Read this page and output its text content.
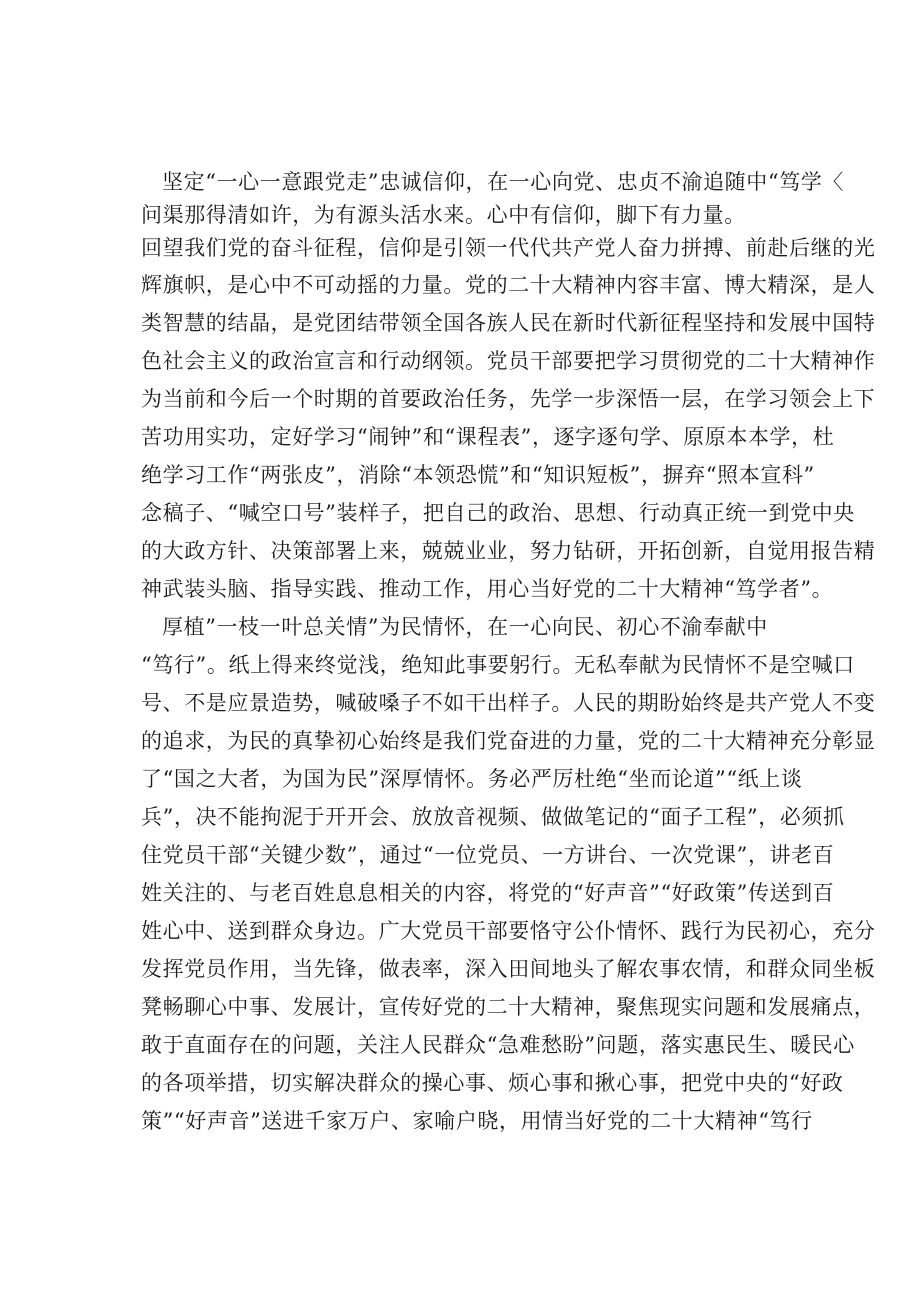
坚定“一心一意跟党走”忠诚信仰，在一心向党、忠贞不渝追随中“笃学〈
问渠那得清如许，为有源头活水来。心中有信仰，脚下有力量。
回望我们党的奋斗征程，信仰是引领一代代共产党人奋力拼搏、前赴后继的光
辉旗帜，是心中不可动摇的力量。党的二十大精神内容丰富、博大精深，是人
类智慧的结晶，是党团结带领全国各族人民在新时代新征程坚持和发展中国特
色社会主义的政治宣言和行动纲领。党员干部要把学习贯彻党的二十大精神作
为当前和今后一个时期的首要政治任务，先学一步深悟一层，在学习领会上下
苦功用实功，定好学习“闹钟”和“课程表”，逐字逐句学、原原本本学，杜
绝学习工作“两张皮”，消除“本领恐慌”和“知识短板”，摒弃“照本宣科”
念稿子、“喊空口号”装样子，把自己的政治、思想、行动真正统一到党中央
的大政方针、决策部署上来，兢兢业业，努力钻研，开拓创新，自觉用报告精
神武装头脑、指导实践、推动工作，用心当好党的二十大精神“笃学者”。
厚植”一枝一叶总关情”为民情怀，在一心向民、初心不渝奉献中
“笃行”。纸上得来终觉浅，绝知此事要躬行。无私奉献为民情怀不是空喊口
号、不是应景造势，喊破嗓子不如干出样子。人民的期盼始终是共产党人不变
的追求，为民的真挚初心始终是我们党奋进的力量，党的二十大精神充分彰显
了“国之大者，为国为民”深厚情怀。务必严厉杜绝“坐而论道”“纸上谈
兵”，决不能拘泥于开开会、放放音视频、做做笔记的“面子工程”，必须抓
住党员干部“关键少数”，通过“一位党员、一方讲台、一次党课”，讲老百
姓关注的、与老百姓息息相关的内容，将党的“好声音”“好政策”传送到百
姓心中、送到群众身边。广大党员干部要恪守公仆情怀、践行为民初心，充分
发挥党员作用，当先锋，做表率，深入田间地头了解农事农情，和群众同坐板
凳畅聊心中事、发展计，宣传好党的二十大精神，聚焦现实问题和发展痛点，
敢于直面存在的问题，关注人民群众“急难愁盼”问题，落实惠民生、暖民心
的各项举措，切实解决群众的操心事、烦心事和揪心事，把党中央的“好政
策”“好声音”送进千家万户、家喻户晓，用情当好党的二十大精神“笃行
